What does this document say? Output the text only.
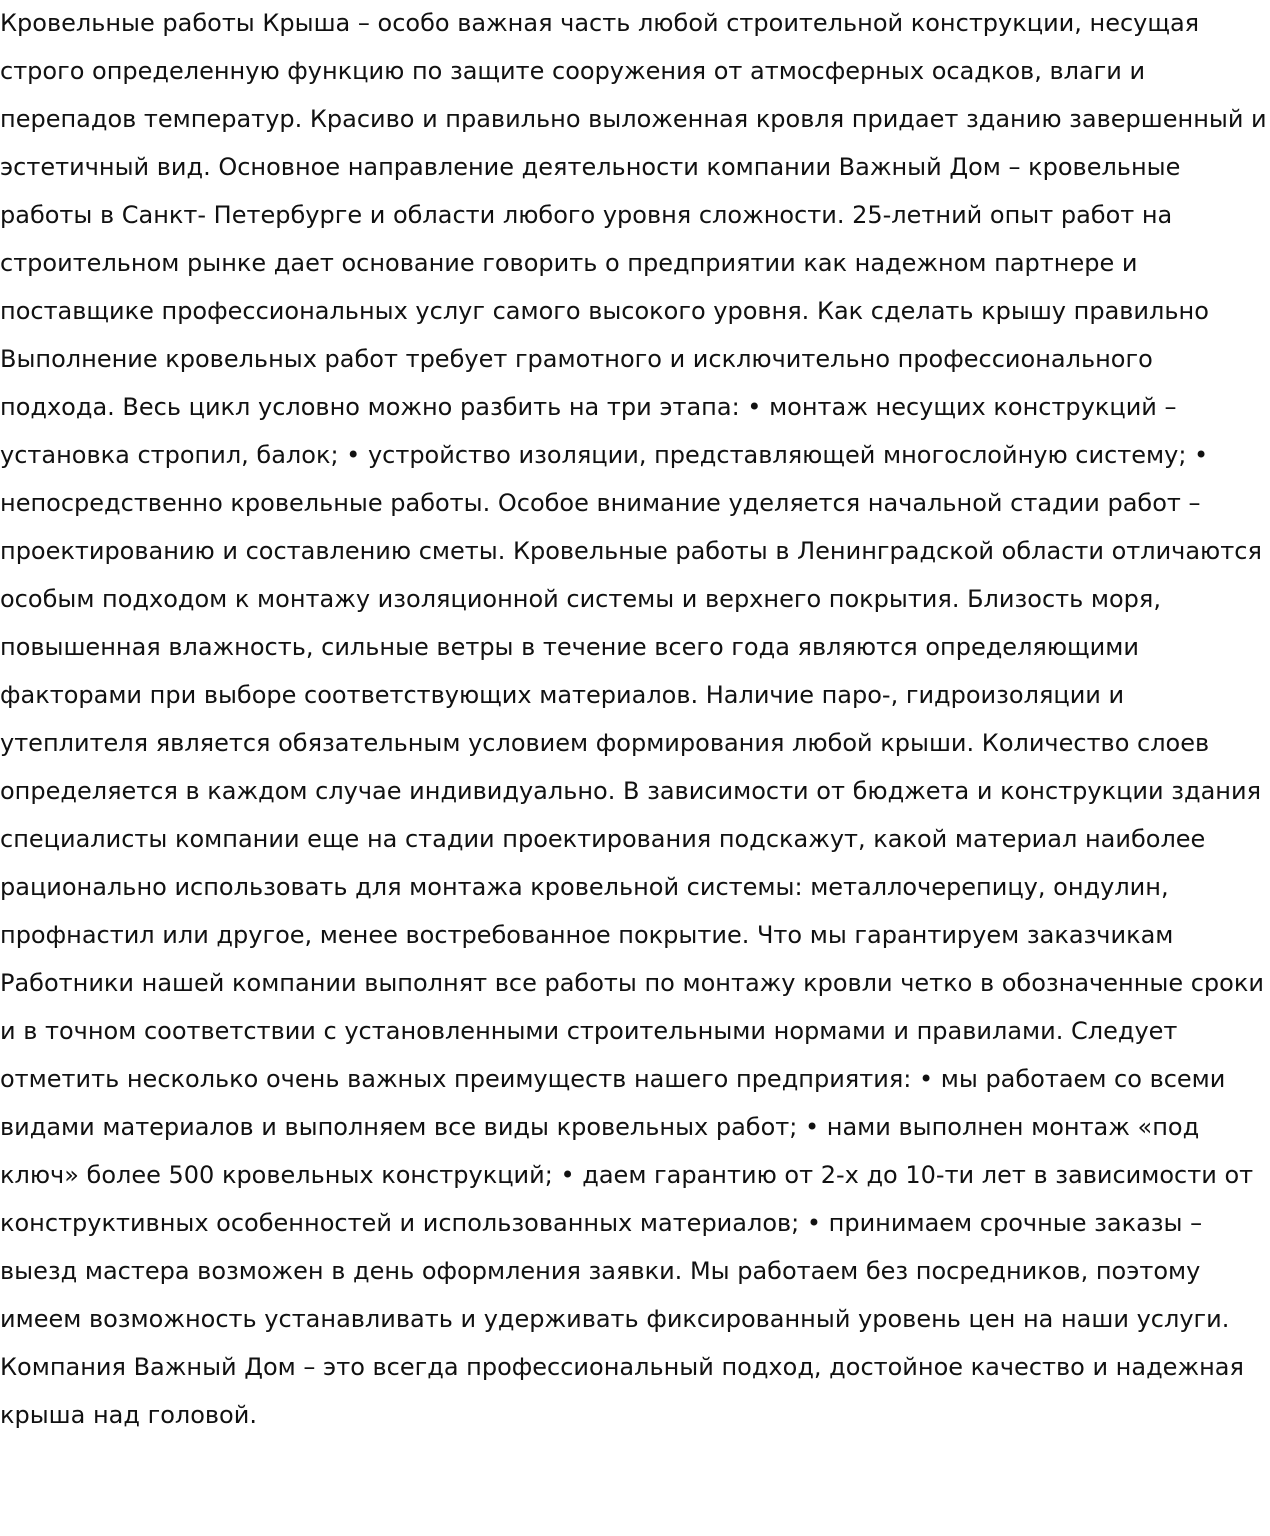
Кровельные работы Крыша – особо важная часть любой строительной конструкции, несущая строго определенную функцию по защите сооружения от атмосферных осадков, влаги и перепадов температур. Красиво и правильно выложенная кровля придает зданию завершенный и эстетичный вид. Основное направление деятельности компании Важный Дом – кровельные работы в Санкт- Петербурге и области любого уровня сложности. 25-летний опыт работ на строительном рынке дает основание говорить о предприятии как надежном партнере и поставщике профессиональных услуг самого высокого уровня. Как сделать крышу правильно Выполнение кровельных работ требует грамотного и исключительно профессионального подхода. Весь цикл условно можно разбить на три этапа: • монтаж несущих конструкций – установка стропил, балок; • устройство изоляции, представляющей многослойную систему; • непосредственно кровельные работы. Особое внимание уделяется начальной стадии работ – проектированию и составлению сметы. Кровельные работы в Ленинградской области отличаются особым подходом к монтажу изоляционной системы и верхнего покрытия. Близость моря, повышенная влажность, сильные ветры в течение всего года являются определяющими факторами при выборе соответствующих материалов. Наличие паро-, гидроизоляции и утеплителя является обязательным условием формирования любой крыши. Количество слоев определяется в каждом случае индивидуально. В зависимости от бюджета и конструкции здания специалисты компании еще на стадии проектирования подскажут, какой материал наиболее рационально использовать для монтажа кровельной системы: металлочерепицу, ондулин, профнастил или другое, менее востребованное покрытие. Что мы гарантируем заказчикам Работники нашей компании выполнят все работы по монтажу кровли четко в обозначенные сроки и в точном соответствии с установленными строительными нормами и правилами. Следует отметить несколько очень важных преимуществ нашего предприятия: • мы работаем со всеми видами материалов и выполняем все виды кровельных работ; • нами выполнен монтаж «под ключ» более 500 кровельных конструкций; • даем гарантию от 2-х до 10-ти лет в зависимости от конструктивных особенностей и использованных материалов; • принимаем срочные заказы – выезд мастера возможен в день оформления заявки. Мы работаем без посредников, поэтому имеем возможность устанавливать и удерживать фиксированный уровень цен на наши услуги. Компания Важный Дом – это всегда профессиональный подход, достойное качество и надежная крыша над головой.
